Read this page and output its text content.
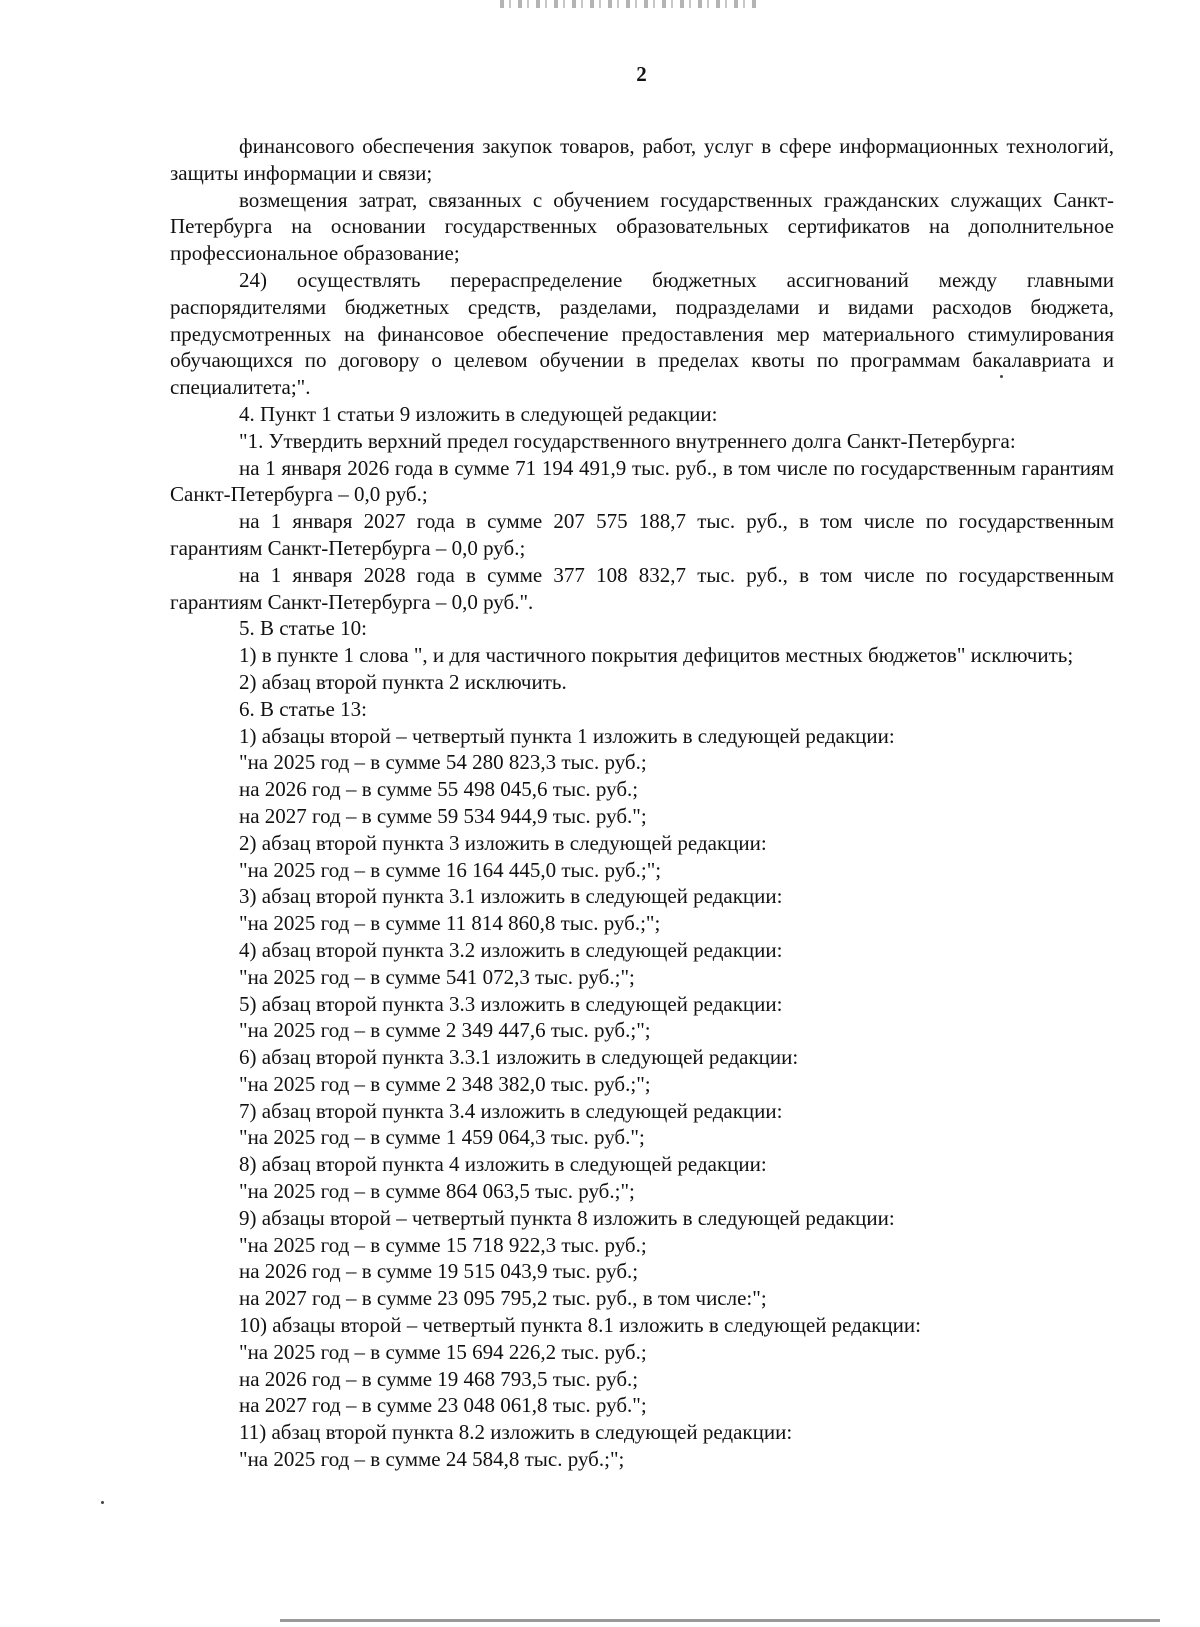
2

финансового обеспечения закупок товаров, работ, услуг в сфере информационных технологий, защиты информации и связи;

возмещения затрат, связанных с обучением государственных гражданских служащих Санкт-Петербурга на основании государственных образовательных сертификатов на дополнительное профессиональное образование;

24) осуществлять перераспределение бюджетных ассигнований между главными распорядителями бюджетных средств, разделами, подразделами и видами расходов бюджета, предусмотренных на финансовое обеспечение предоставления мер материального стимулирования обучающихся по договору о целевом обучении в пределах квоты по программам бакалавриата и специалитета;".

4. Пункт 1 статьи 9 изложить в следующей редакции:

"1. Утвердить верхний предел государственного внутреннего долга Санкт-Петербурга:

на 1 января 2026 года в сумме 71 194 491,9 тыс. руб., в том числе по государственным гарантиям Санкт-Петербурга – 0,0 руб.;

на 1 января 2027 года в сумме 207 575 188,7 тыс. руб., в том числе по государственным гарантиям Санкт-Петербурга – 0,0 руб.;

на 1 января 2028 года в сумме 377 108 832,7 тыс. руб., в том числе по государственным гарантиям Санкт-Петербурга – 0,0 руб.".

5. В статье 10:

1) в пункте 1 слова ", и для частичного покрытия дефицитов местных бюджетов" исключить;

2) абзац второй пункта 2 исключить.

6. В статье 13:

1) абзацы второй – четвертый пункта 1 изложить в следующей редакции:

"на 2025 год – в сумме 54 280 823,3 тыс. руб.;

на 2026 год – в сумме 55 498 045,6 тыс. руб.;

на 2027 год – в сумме 59 534 944,9 тыс. руб.";

2) абзац второй пункта 3 изложить в следующей редакции:

"на 2025 год – в сумме 16 164 445,0 тыс. руб.;";

3) абзац второй пункта 3.1 изложить в следующей редакции:

"на 2025 год – в сумме 11 814 860,8 тыс. руб.;";

4) абзац второй пункта 3.2 изложить в следующей редакции:

"на 2025 год – в сумме 541 072,3 тыс. руб.;";

5) абзац второй пункта 3.3 изложить в следующей редакции:

"на 2025 год – в сумме 2 349 447,6 тыс. руб.;";

6) абзац второй пункта 3.3.1 изложить в следующей редакции:

"на 2025 год – в сумме 2 348 382,0 тыс. руб.;";

7) абзац второй пункта 3.4 изложить в следующей редакции:

"на 2025 год – в сумме 1 459 064,3 тыс. руб.";

8) абзац второй пункта 4 изложить в следующей редакции:

"на 2025 год – в сумме 864 063,5 тыс. руб.;";

9) абзацы второй – четвертый пункта 8 изложить в следующей редакции:

"на 2025 год – в сумме 15 718 922,3 тыс. руб.;

на 2026 год – в сумме 19 515 043,9 тыс. руб.;

на 2027 год – в сумме 23 095 795,2 тыс. руб., в том числе:";

10) абзацы второй – четвертый пункта 8.1 изложить в следующей редакции:

"на 2025 год – в сумме 15 694 226,2 тыс. руб.;

на 2026 год – в сумме 19 468 793,5 тыс. руб.;

на 2027 год – в сумме 23 048 061,8 тыс. руб.";

11) абзац второй пункта 8.2 изложить в следующей редакции:

"на 2025 год – в сумме 24 584,8 тыс. руб.;";
